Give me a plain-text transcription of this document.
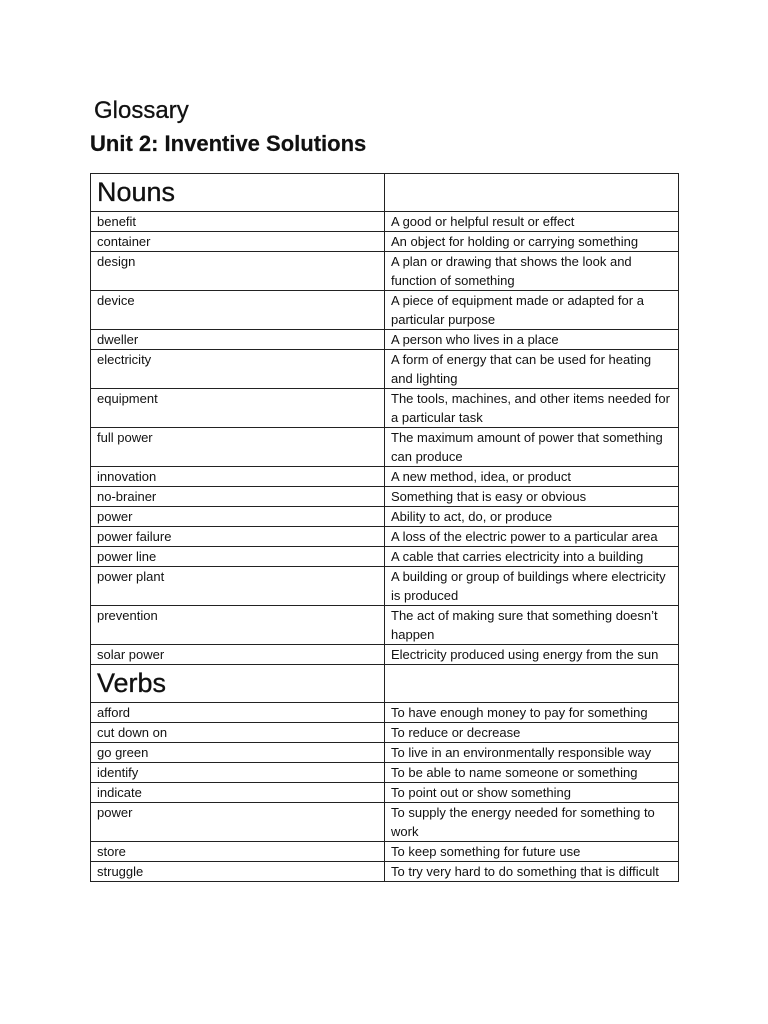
Glossary
Unit 2: Inventive Solutions
Nouns	
benefit	A good or helpful result or effect
container	An object for holding or carrying something
design	A plan or drawing that shows the look and function of something
device	A piece of equipment made or adapted for a particular purpose
dweller	A person who lives in a place
electricity	A form of energy that can be used for heating and lighting
equipment	The tools, machines, and other items needed for a particular task
full power	The maximum amount of power that something can produce
innovation	A new method, idea, or product
no-brainer	Something that is easy or obvious
power	Ability to act, do, or produce
power failure	A loss of the electric power to a particular area
power line	A cable that carries electricity into a building
power plant	A building or group of buildings where electricity is produced
prevention	The act of making sure that something doesn’t happen
solar power	Electricity produced using energy from the sun
Verbs	
afford	To have enough money to pay for something
cut down on	To reduce or decrease
go green	To live in an environmentally responsible way
identify	To be able to name someone or something
indicate	To point out or show something
power	To supply the energy needed for something to work
store	To keep something for future use
struggle	To try very hard to do something that is difficult
